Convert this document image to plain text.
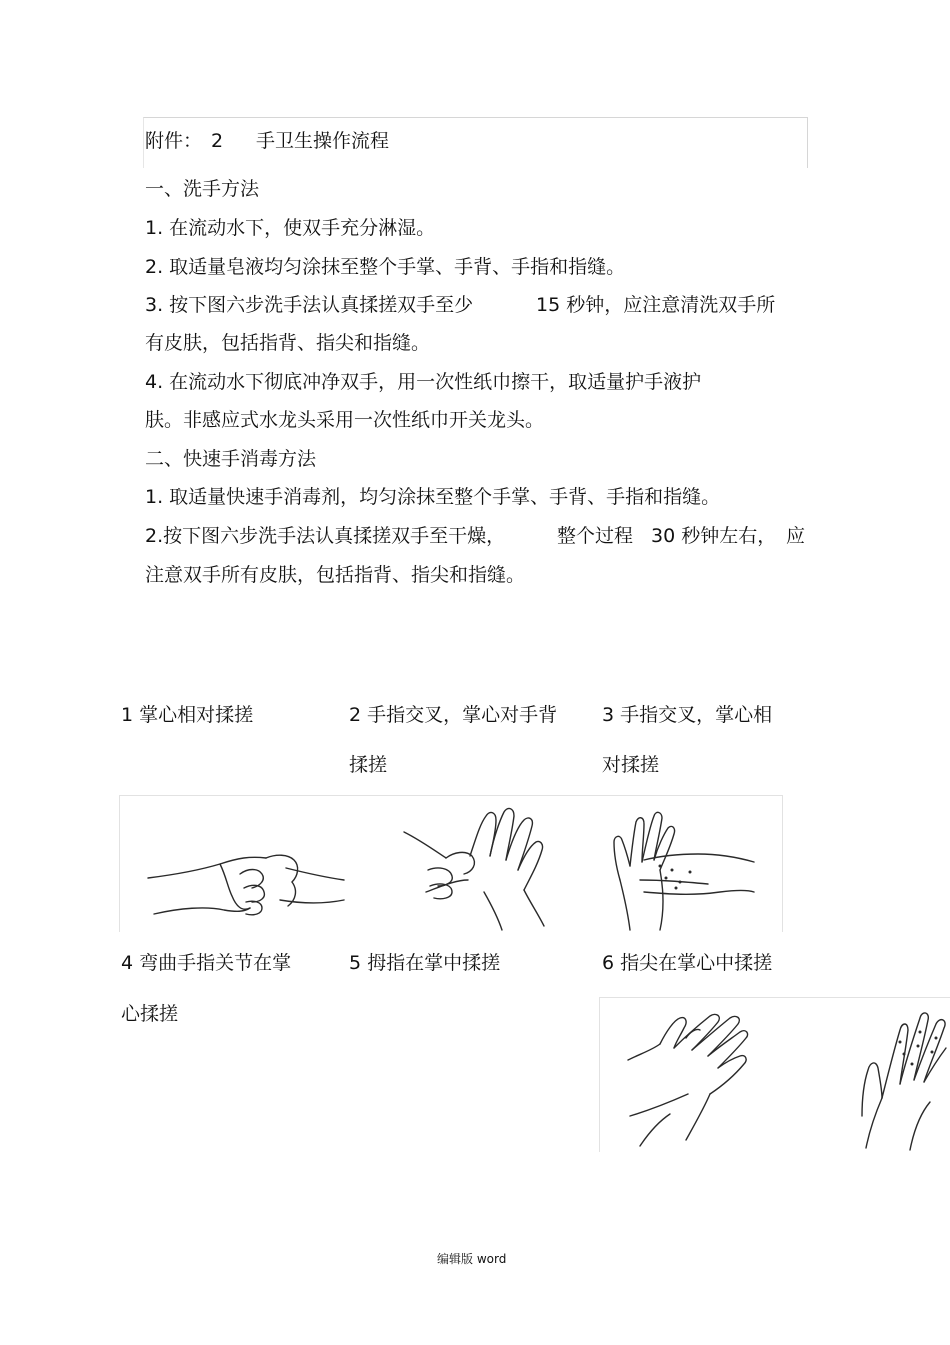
附件： 2 手卫生操作流程
一、洗手方法
1. 在流动水下，使双手充分淋湿。
2. 取适量皂液均匀涂抹至整个手掌、手背、手指和指缝。
3. 按下图六步洗手法认真揉搓双手至少	15 秒钟，应注意清洗双手所
有皮肤，包括指背、指尖和指缝。
4. 在流动水下彻底冲净双手，用一次性纸巾擦干，取适量护手液护
肤。非感应式水龙头采用一次性纸巾开关龙头。
二、快速手消毒方法
1. 取适量快速手消毒剂，均匀涂抹至整个手掌、手背、手指和指缝。
2.按下图六步洗手法认真揉搓双手至干燥，	整个过程 30 秒钟左右， 应
注意双手所有皮肤，包括指背、指尖和指缝。
1 掌心相对揉搓	2 手指交叉，掌心对手背
揉搓
3 手指交叉，掌心相
对揉搓
4 弯曲手指关节在掌
心揉搓
5 拇指在掌中揉搓	6 指尖在掌心中揉搓
编辑版 word
